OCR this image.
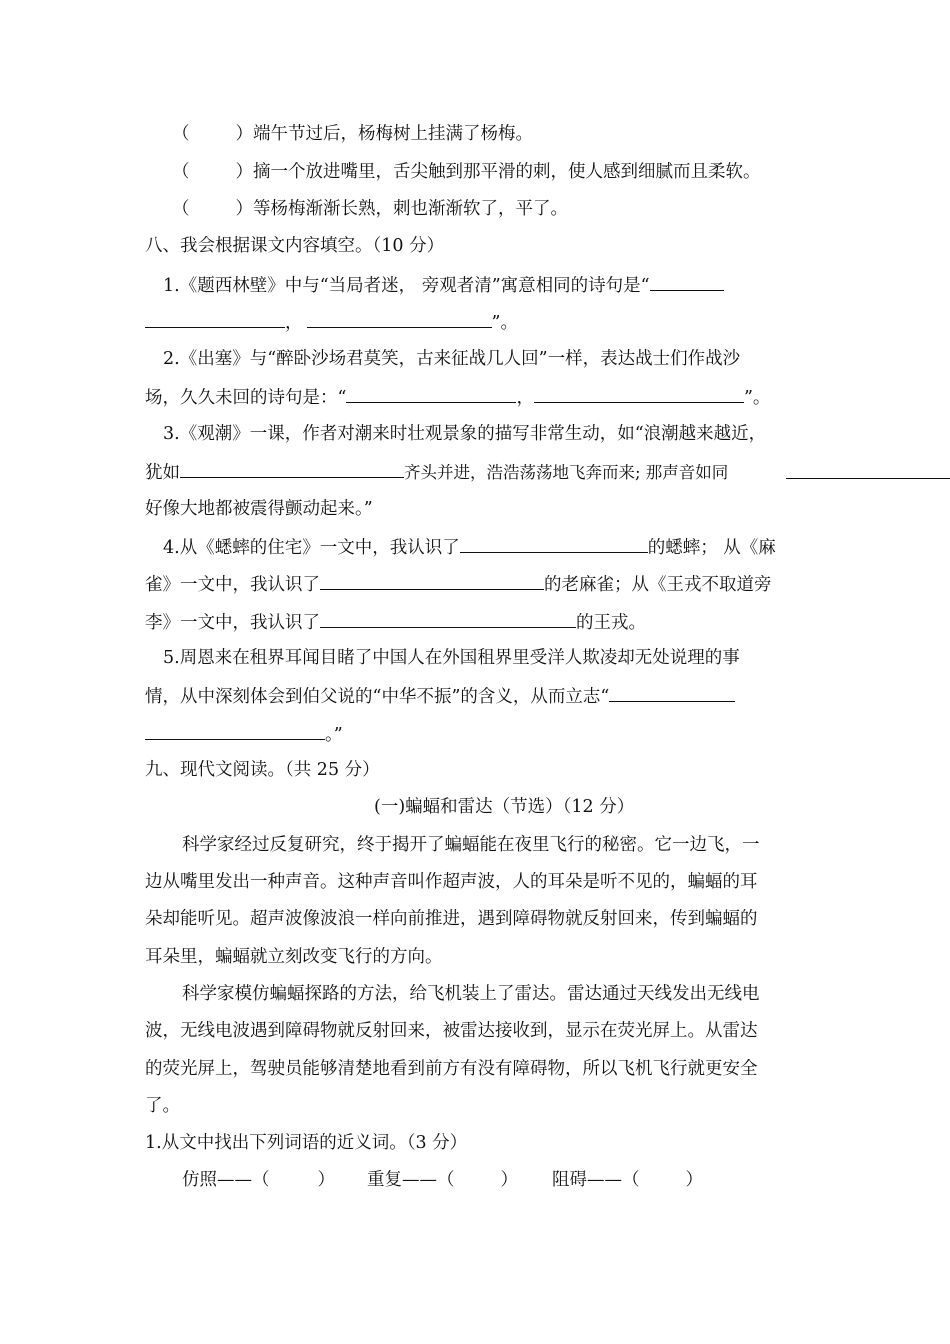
（	）端午节过后，杨梅树上挂满了杨梅。
（	）摘一个放进嘴里，舌尖触到那平滑的刺，使人感到细腻而且柔软。
（	）等杨梅渐渐长熟，刺也渐渐软了，平了。
八、我会根据课文内容填空。（10 分）
1.《题西林壁》中与“当局者迷， 旁观者清”寓意相同的诗句是“
，	”。
2.《出塞》与“醉卧沙场君莫笑，古来征战几人回”一样，表达战士们作战沙
场，久久未回的诗句是：“	，	”。
3.《观潮》一课，作者对潮来时壮观景象的描写非常生动，如“浪潮越来越近，
犹如	齐头并进，浩浩荡荡地飞奔而来; 那声音如同
好像大地都被震得颤动起来。”
4.从《蟋蟀的住宅》一文中，我认识了	的蟋蟀； 从《麻
雀》一文中，我认识了	的老麻雀；从《王戎不取道旁
李》一文中，我认识了	的王戎。
5.周恩来在租界耳闻目睹了中国人在外国租界里受洋人欺凌却无处说理的事
情，从中深刻体会到伯父说的“中华不振”的含义，从而立志“
。”
九、现代文阅读。（共 25 分）
(一)蝙蝠和雷达（节选）（12 分）
科学家经过反复研究，终于揭开了蝙蝠能在夜里飞行的秘密。它一边飞，一
边从嘴里发出一种声音。这种声音叫作超声波，人的耳朵是听不见的，蝙蝠的耳
朵却能听见。超声波像波浪一样向前推进，遇到障碍物就反射回来，传到蝙蝠的
耳朵里，蝙蝠就立刻改变飞行的方向。
科学家模仿蝙蝠探路的方法，给飞机装上了雷达。雷达通过天线发出无线电
波，无线电波遇到障碍物就反射回来，被雷达接收到，显示在荧光屏上。从雷达
的荧光屏上，驾驶员能够清楚地看到前方有没有障碍物，所以飞机飞行就更安全
了。
1.从文中找出下列词语的近义词。（3 分）
仿照——（	） 重复——（	） 阻碍——（	）
